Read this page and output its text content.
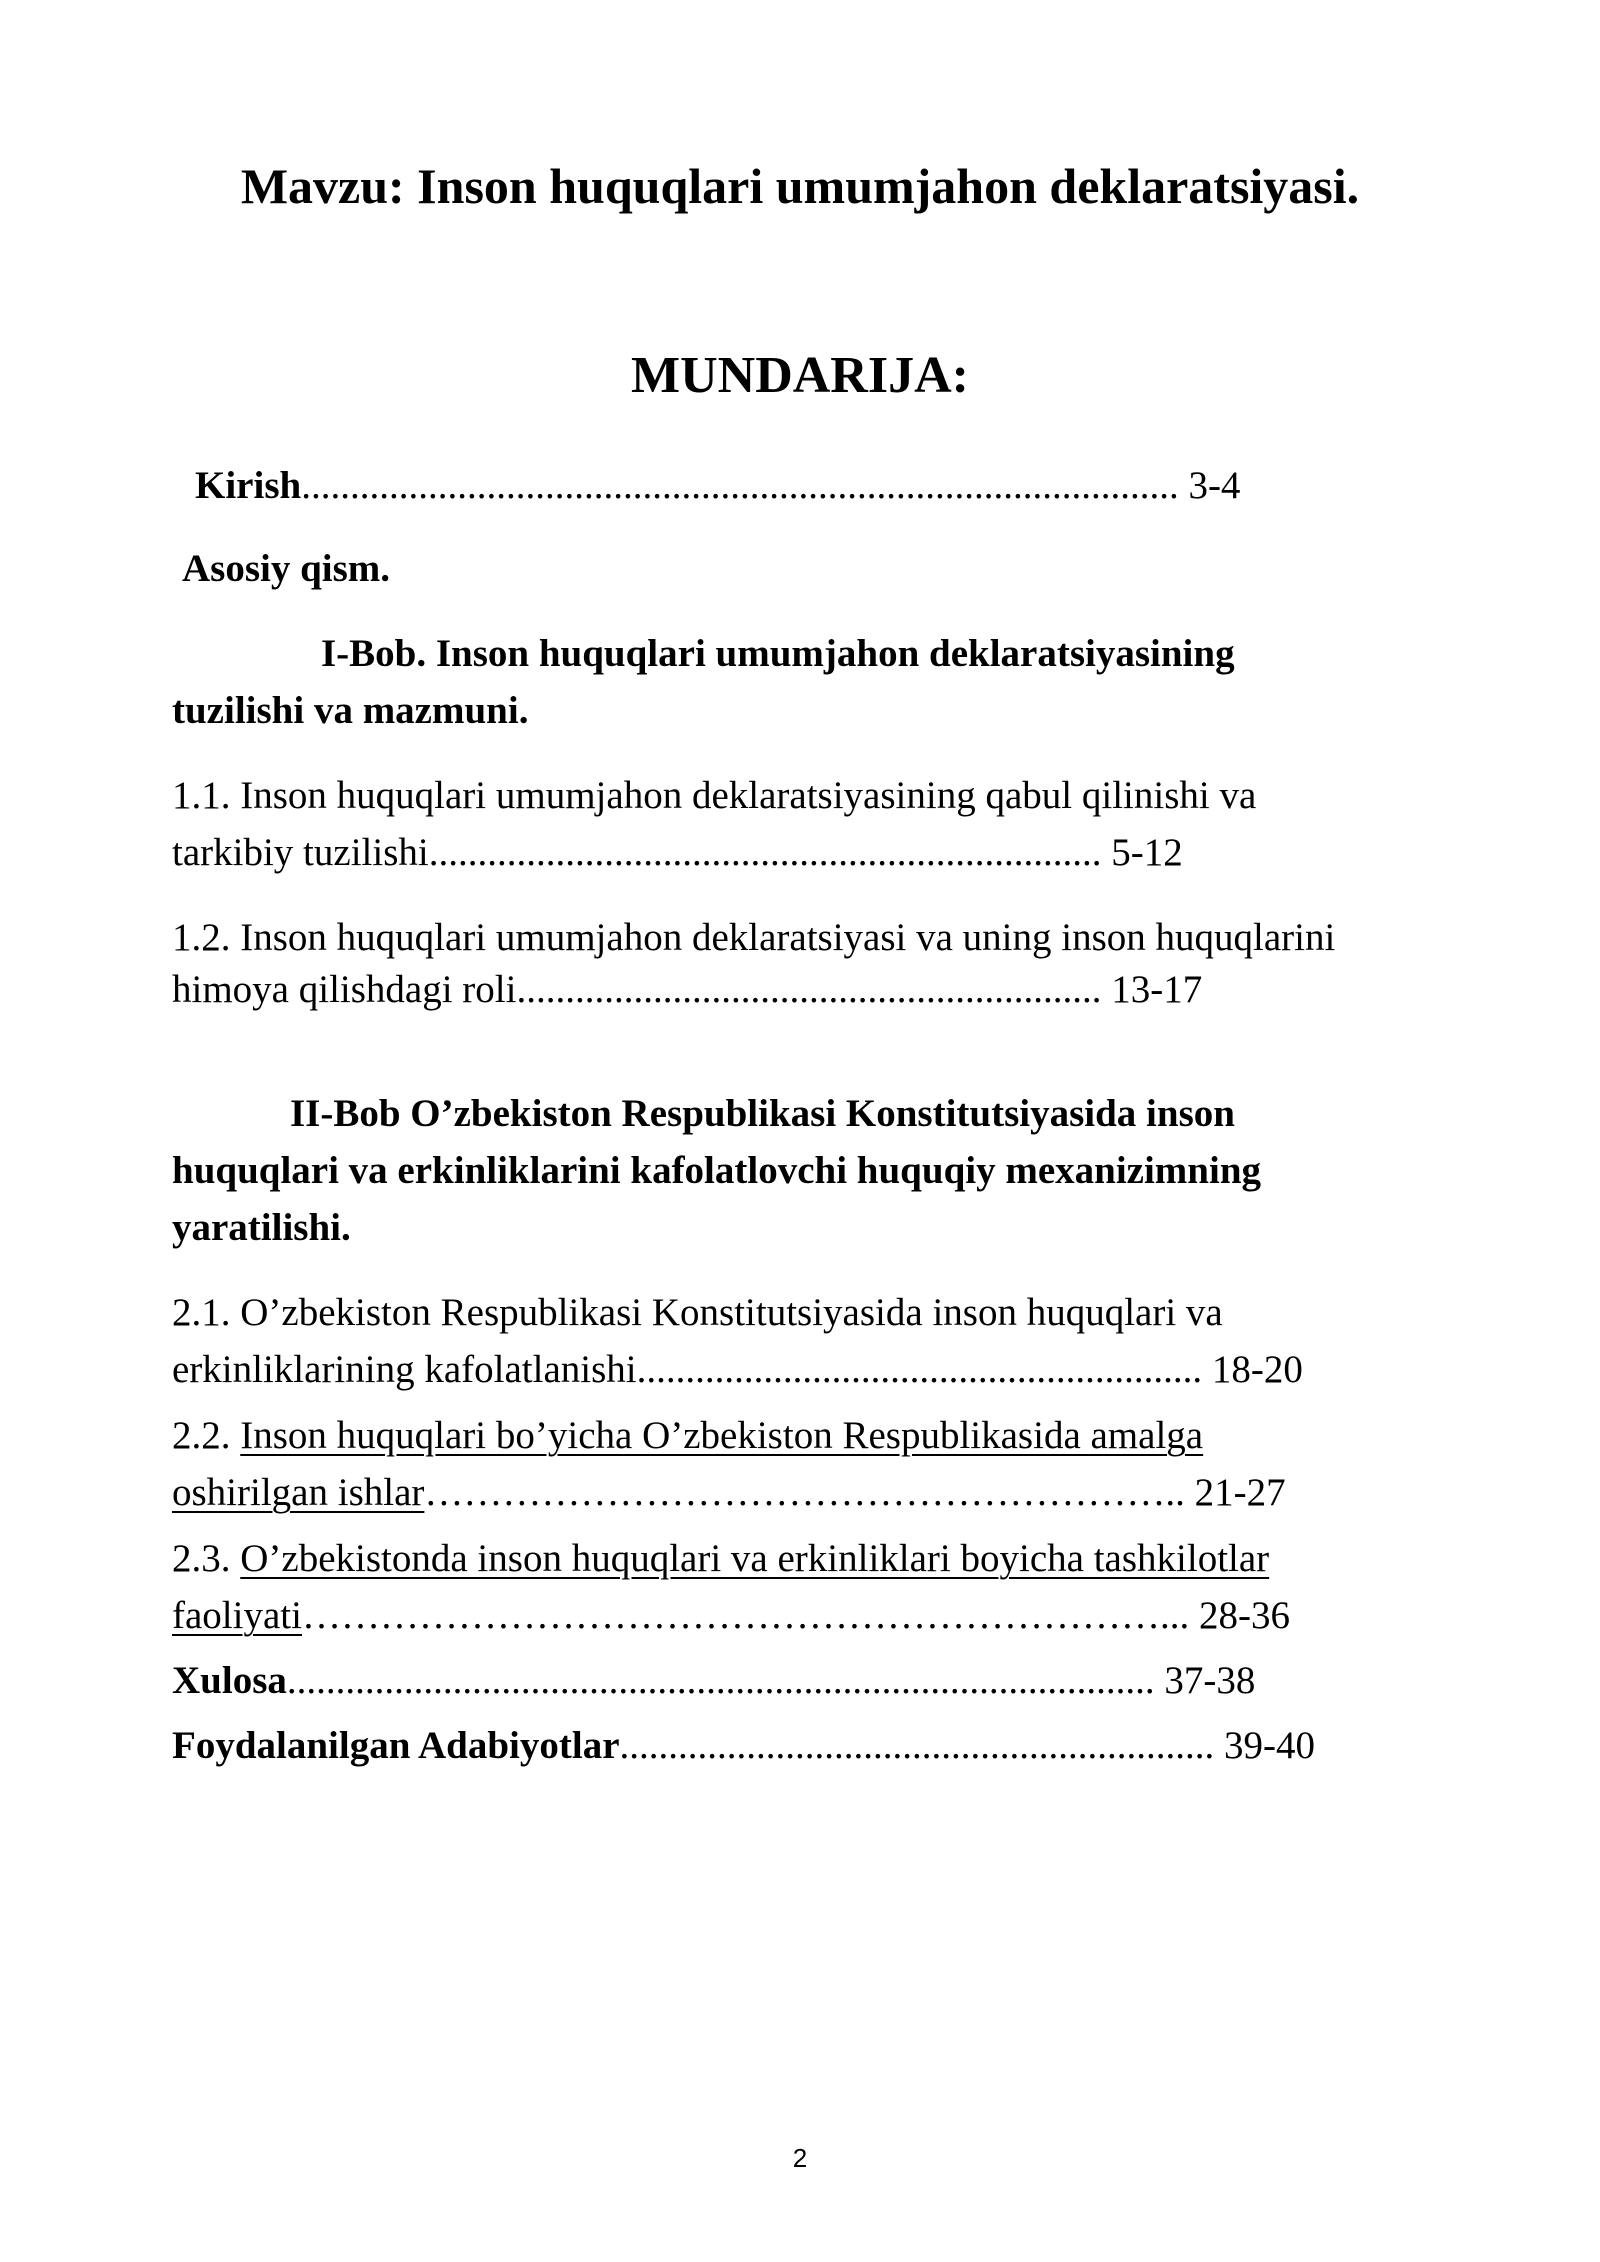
Mavzu: Inson huquqlari umumjahon deklaratsiyasi.
MUNDARIJA:
Kirish.......................................................................................... 3-4
Asosiy qism.
I-Bob. Inson huquqlari umumjahon deklaratsiyasining
tuzilishi va mazmuni.
1.1. Inson huquqlari umumjahon deklaratsiyasining qabul qilinishi va
tarkibiy tuzilishi..................................................................... 5-12
1.2. Inson huquqlari umumjahon deklaratsiyasi va uning inson huquqlarini
himoya qilishdagi roli............................................................ 13-17
II-Bob O’zbekiston Respublikasi Konstitutsiyasida inson
huquqlari va erkinliklarini kafolatlovchi huquqiy mexanizimning
yaratilishi.
2.1. O’zbekiston Respublikasi Konstitutsiyasida inson huquqlari va
erkinliklarining kafolatlanishi.......................................................... 18-20
2.2. Inson huquqlari bo’yicha O’zbekiston Respublikasida amalga
oshirilgan ishlar………………………………………………….. 21-27
2.3. O’zbekistonda inson huquqlari va erkinliklari boyicha tashkilotlar
faoliyati…………………………………………………………... 28-36
Xulosa......................................................................................... 37-38
Foydalanilgan Adabiyotlar............................................................. 39-40
2
